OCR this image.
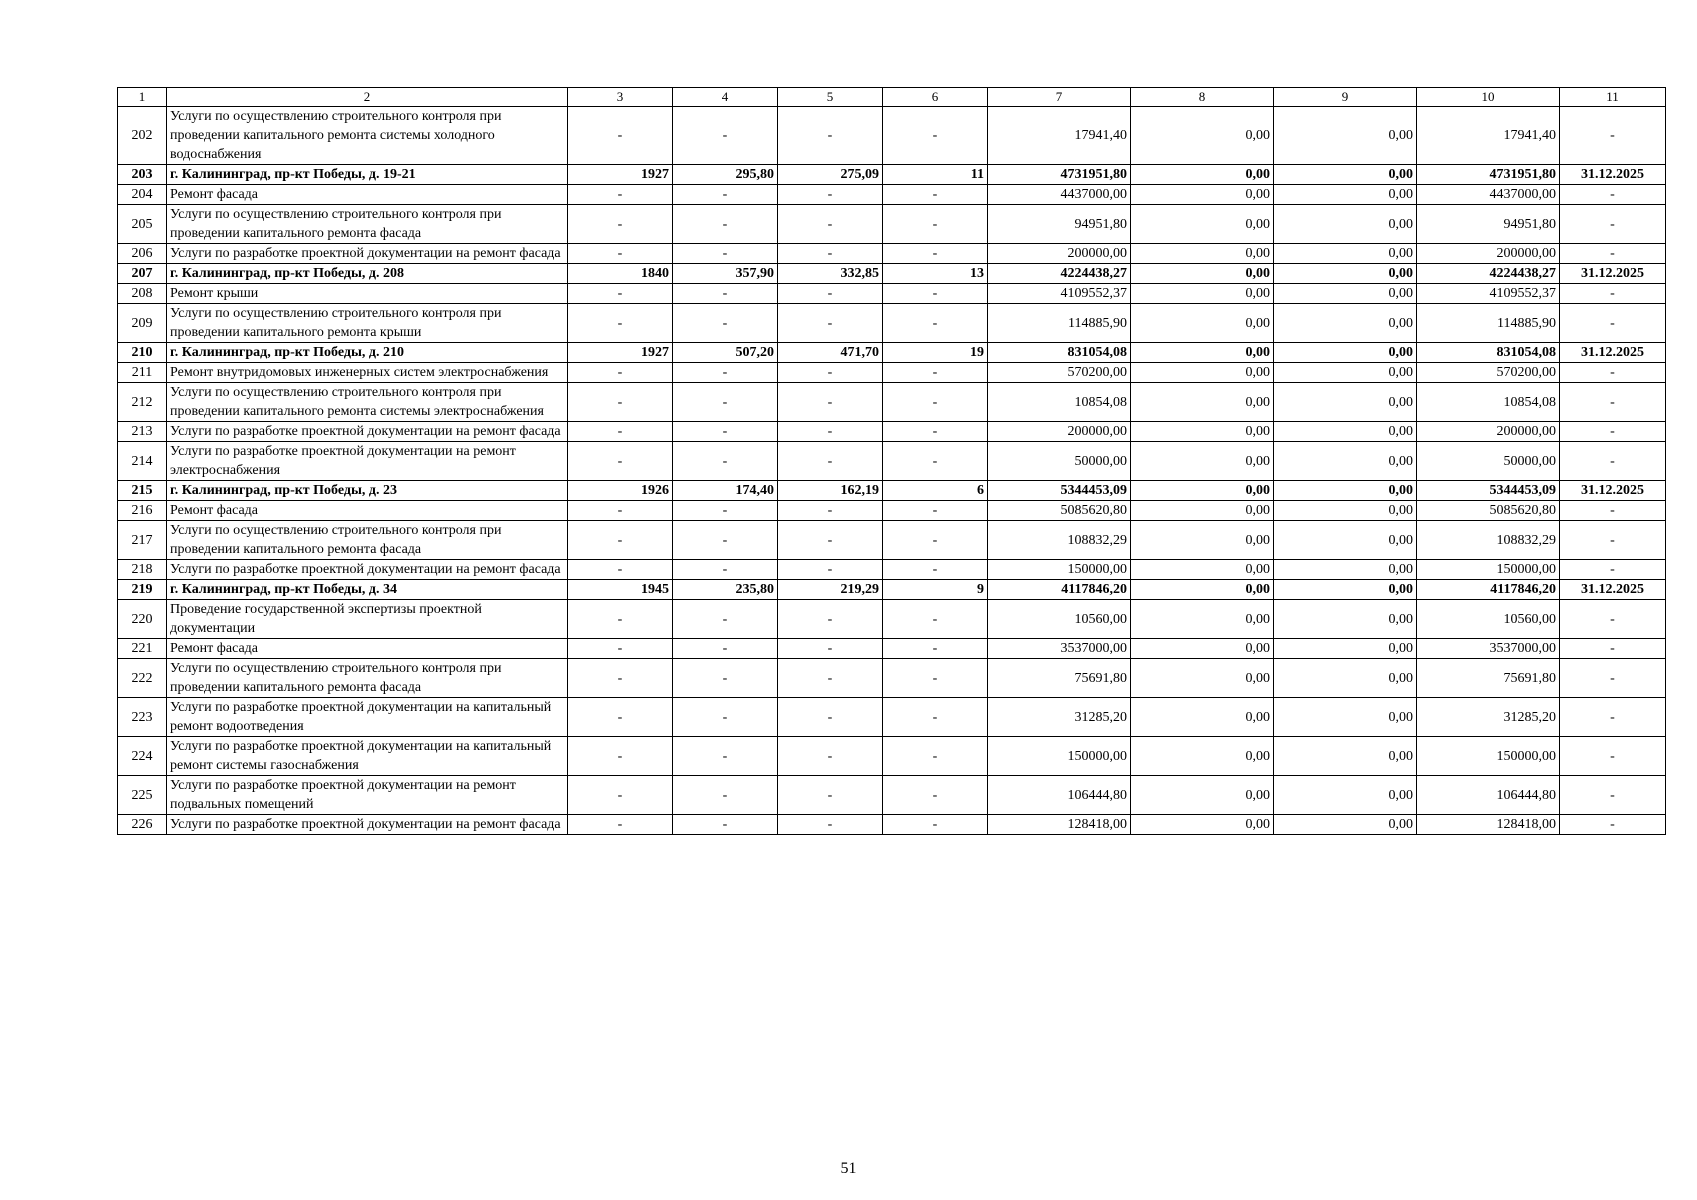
1	2	3	4	5	6	7	8	9	10	11
202	Услуги по осуществлению строительного контроля при проведении капитального ремонта системы холодного водоснабжения	-	-	-	-	17941,40	0,00	0,00	17941,40	-
203	г. Калининград, пр-кт Победы, д. 19-21	1927	295,80	275,09	11	4731951,80	0,00	0,00	4731951,80	31.12.2025
204	Ремонт фасада	-	-	-	-	4437000,00	0,00	0,00	4437000,00	-
205	Услуги по осуществлению строительного контроля при проведении капитального ремонта фасада	-	-	-	-	94951,80	0,00	0,00	94951,80	-
206	Услуги по разработке проектной документации на ремонт фасада	-	-	-	-	200000,00	0,00	0,00	200000,00	-
207	г. Калининград, пр-кт Победы, д. 208	1840	357,90	332,85	13	4224438,27	0,00	0,00	4224438,27	31.12.2025
208	Ремонт крыши	-	-	-	-	4109552,37	0,00	0,00	4109552,37	-
209	Услуги по осуществлению строительного контроля при проведении капитального ремонта крыши	-	-	-	-	114885,90	0,00	0,00	114885,90	-
210	г. Калининград, пр-кт Победы, д. 210	1927	507,20	471,70	19	831054,08	0,00	0,00	831054,08	31.12.2025
211	Ремонт внутридомовых инженерных систем электроснабжения	-	-	-	-	570200,00	0,00	0,00	570200,00	-
212	Услуги по осуществлению строительного контроля при проведении капитального ремонта системы электроснабжения	-	-	-	-	10854,08	0,00	0,00	10854,08	-
213	Услуги по разработке проектной документации на ремонт фасада	-	-	-	-	200000,00	0,00	0,00	200000,00	-
214	Услуги по разработке проектной документации на ремонт электроснабжения	-	-	-	-	50000,00	0,00	0,00	50000,00	-
215	г. Калининград, пр-кт Победы, д. 23	1926	174,40	162,19	6	5344453,09	0,00	0,00	5344453,09	31.12.2025
216	Ремонт фасада	-	-	-	-	5085620,80	0,00	0,00	5085620,80	-
217	Услуги по осуществлению строительного контроля при проведении капитального ремонта фасада	-	-	-	-	108832,29	0,00	0,00	108832,29	-
218	Услуги по разработке проектной документации на ремонт фасада	-	-	-	-	150000,00	0,00	0,00	150000,00	-
219	г. Калининград, пр-кт Победы, д. 34	1945	235,80	219,29	9	4117846,20	0,00	0,00	4117846,20	31.12.2025
220	Проведение государственной экспертизы проектной документации	-	-	-	-	10560,00	0,00	0,00	10560,00	-
221	Ремонт фасада	-	-	-	-	3537000,00	0,00	0,00	3537000,00	-
222	Услуги по осуществлению строительного контроля при проведении капитального ремонта фасада	-	-	-	-	75691,80	0,00	0,00	75691,80	-
223	Услуги по разработке проектной документации на капитальный ремонт водоотведения	-	-	-	-	31285,20	0,00	0,00	31285,20	-
224	Услуги по разработке проектной документации на капитальный ремонт системы газоснабжения	-	-	-	-	150000,00	0,00	0,00	150000,00	-
225	Услуги по разработке проектной документации на ремонт подвальных помещений	-	-	-	-	106444,80	0,00	0,00	106444,80	-
226	Услуги по разработке проектной документации на ремонт фасада	-	-	-	-	128418,00	0,00	0,00	128418,00	-
51
